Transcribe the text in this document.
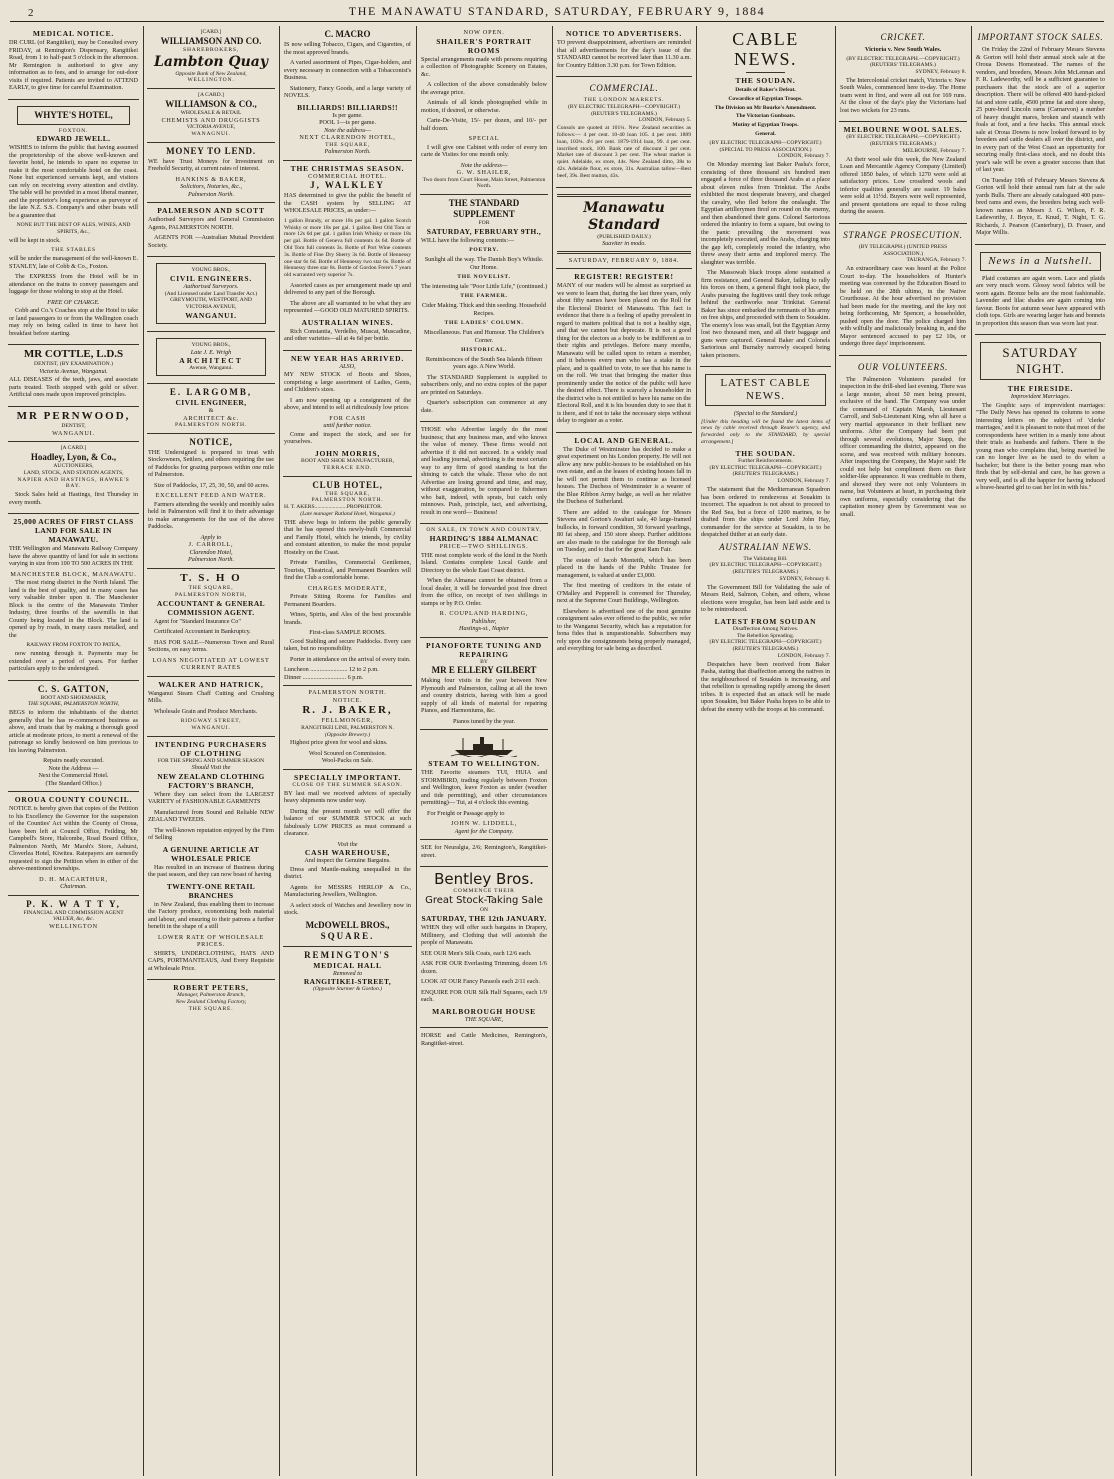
2	THE MANAWATU STANDARD, SATURDAY, FEBRUARY 9, 1884
MEDICAL NOTICE.

DR CURL (of Rangitikei), may be Consulted every FRIDAY, at Remington's Dispensary, Rangitikei Road, from 1 to half-past 5 o'clock in the afternoon. Mr Remington is authorised to give any information as to fees, and to arrange for out-door visits if required. Patients are invited to ATTEND EARLY, to give time for careful Examination.

WHYTE'S HOTEL,
FOXTON.
EDWARD JEWELL.

WISHES to inform the public that having assumed the proprietorship of the above well-known and favorite hotel, he intends to spare no expense to make it the most comfortable hotel on the coast. None but experienced servants kept, and visitors can rely on receiving every attention and civility. The table will be provided in a most liberal manner, and the proprietor's long experience as purveyor of the late N.Z. S.S. Company's and other boats will be a guarantee that

NONE BUT THE BEST OF ALES, WINES, AND SPIRITS, &c.,

will be kept in stock.

THE STABLES

will be under the management of the well-known E. STANLEY, late of Cobb & Co., Foxton.

The EXPRESS from the Hotel will be in attendance on the trains to convey passengers and luggage for those wishing to stop at the Hotel.

FREE OF CHARGE.

Cobb and Co.'s Coaches stop at the Hotel to take or land passengers to or from the Wellington coach may rely on being called in time to have hot breakfast before starting.

MR COTTLE, L.D.S
DENTIST, (BY EXAMINATION.)
Victoria Avenue, Wanganui.

ALL DISEASES of the teeth, jaws, and associate parts treated. Teeth stopped with gold or silver. Artificial ones made upon improved principles.

MR PERNWOOD,
DENTIST,
WANGANUI.
[A CARD.]
Hoadley, Lyon, & Co.,
AUCTIONEERS,
LAND, STOCK, AND STATION AGENTS,
NAPIER AND HASTINGS, HAWKE'S BAY.

Stock Sales held at Hastings, first Thursday in every month.

25,000 ACRES OF FIRST CLASS LAND FOR SALE IN MANAWATU.

THE Wellington and Manawatu Railway Company have the above quantity of land for sale in sections varying in size from 100 TO 500 ACRES IN THE

MANCHESTER BLOCK, MANAWATU.

The most rising district in the North Island. The land is the best of quality, and in many cases has very valuable timber upon it. The Manchester Block is the centre of the Manawatu Timber Industry, three fourths of the sawmills in that County being located in the Block. The land is opened up by roads, in many cases metalled, and the

RAILWAY FROM FOXTON TO PATEA,

now running through it. Payments may be extended over a period of years. For further particulars apply to the undersigned.

C. S. GATTON,
BOOT AND SHOEMAKER,
THE SQUARE, PALMERSTON NORTH,

BEGS to inform the inhabitants of the district generally that he has re-commenced business as above, and trusts that by making a thorough good article at moderate prices, to merit a renewal of the patronage so kindly bestowed on him previous to his leaving Palmerston.

Repairs neatly executed.
Note the Address —
Next the Commercial Hotel.
(The Standard Office.)
OROUA COUNTY COUNCIL.

NOTICE is hereby given that copies of the Petition to his Excellency the Governor for the suspension of the Counties' Act within the County of Oroua, have been left at Council Office, Feilding, Mr Campbell's Store, Halcombe, Road Board Office, Palmerston North, Mr Marsh's Store, Ashurst, Cloverlea Hotel, Kiwitea. Ratepayers are earnestly requested to sign the Petition when in either of the above-mentioned townships.

D. H. MACARTHUR,
Chairman.
P. K. W A T T Y,
FINANCIAL AND COMMISSION AGENT
VALUER, &c, &c.
WELLINGTON
[CARD.]
WILLIAMSON AND CO.
SHAREBROKERS,
Lambton Quay
Opposite Bank of New Zealand,
WELLINGTON.
[A CARD.]
WILLIAMSON & CO.,
WHOLESALE & RETAIL
CHEMISTS AND DRUGGISTS
VICTORIA AVENUE,
WANAGNUI.
MONEY TO LEND.

WE have Trust Moneys for Investment on Freehold Security, at current rates of interest.

HANKINS & BAKER,
Solicitors, Notaries, &c.,
Palmerston North.
PALMERSON AND SCOTT

Authorised Surveyors and General Commission Agents, PALMERSTON NORTH.

AGENTS FOR —Australian Mutual Provident Society.

YOUNG BROS.,
CIVIL ENGINEERS.
Authorised Surveyors.
(And Licensed under Land Transfer Act.)
GREYMOUTH, WESTPORT, AND VICTORIA AVENUE,
WANGANUI.
YOUNG BROS.,
Late J. E. Wrigh
ARCHITECT
Avenue, Wanganui.
E. LARGOMB,
CIVIL ENGINEER,
&
ARCHITECT &c.
PALMERSTON NORTH.
NOTICE,

THE Undersigned is prepared to treat with Stockowners, Settlers, and others requiring the use of Paddocks for grazing purposes within one mile of Palmerston.

Size of Paddocks, 17, 25, 30, 50, and 60 acres.

EXCELLENT FEED AND WATER.

Farmers attending the weekly and monthly sales held in Palmerston will find it to their advantage to make arrangements for the use of the above Paddocks.

Apply to
J. CARROLL,
Clarendon Hotel,
Palmerston North.
T. S. H O
THE SQUARE,
PALMERSTON NORTH,
ACCOUNTANT & GENERAL COMMISSION AGENT.

Agent for "Standard Insurance Co"

Certificated Accountant in Bankruptcy.

HAS FOR SALE—Numerous Town and Rural Sections, on easy terms.

LOANS NEGOTIATED AT LOWEST CURRENT RATES
WALKER AND HATRICK,

Wanganui Steam Chaff Cutting and Crushing Mills.

Wholesale Grain and Produce Merchants.

RIDGWAY STREET,
WANGANUI.
INTENDING PURCHASERS OF CLOTHING
FOR THE SPRING AND SUMMER SEASON
Should Visit the
NEW ZEALAND CLOTHING FACTORY'S BRANCH,

Where they can select from the LARGEST VARIETY of FASHIONABLE GARMENTS

Manufactured from Sound and Reliable NEW ZEALAND TWEEDS.

The well-known reputation enjoyed by the Firm of Selling

A GENUINE ARTICLE AT WHOLESALE PRICE

Has resulted in an increase of Business during the past season, and they can now boast of having

TWENTY-ONE RETAIL BRANCHES

in New Zealand, thus enabling them to increase the Factory produce, economising both material and labour, and ensuring to their patrons a further benefit in the shape of a still

LOWER RATE OF WHOLESALE PRICES.

SHIRTS, UNDERCLOTHING, HATS AND CAPS, PORTMANTEAUS, And Every Requisite at Wholesale Price.

ROBERT PETERS,
Manager, Palmerston Branch,
New Zealand Clothing Factory,
THE SQUARE.
C. MACRO

IS now selling Tobacco, Cigars, and Cigarettes, of the most approved brands.

A varied assortment of Pipes, Cigar-holders, and every necessary in connection with a Tobacconist's Business.

Stationery, Fancy Goods, and a large variety of NOVELS.

BILLIARDS! BILLIARDS!!
Is per game.
POOL 1—is per game.
Note the address—
NEXT CLARENDON HOTEL,
THE SQUARE,
Palmerston North.
THE CHRISTMAS SEASON.
COMMERCIAL HOTEL.
J, WALKLEY

HAS determined to give the public the benefit of the CASH system by SELLING AT WHOLESALE PRICES, as under:—

1 gallon Brandy, or more 18s per gal. 1 gallon Scotch Whisky or more 18s per gal. 1 gallon Best Old Tom or more 12s 6d per gal. 1 gallon Irish Whisky or more 18s per gal. Bottle of Geneva full contents 4s 6d. Bottle of Old Tom full contents 3s. Bottle of Port Wine contents 3s. Bottle of Fine Dry Sherry 3s 6d. Bottle of Hennessy one star 6s 6d. Bottle of Hennessy two star 6s. Bottle of Hennessy three star 8s. Bottle of Gordon Frere's 7 years old warranted very superior 7s.

Assorted cases as per arrangement made up and delivered to any part of the Borough.

The above are all warranted to be what they are represented —GOOD OLD MATURED SPIRITS.

AUSTRALIAN WINES.

Rich Constantia, Verdelho, Muscat, Muscadine, and other varieties—all at 4s 6d per bottle.

NEW YEAR HAS ARRIVED.
ALSO,

MY NEW STOCK of Boots and Shoes, comprising a large assortment of Ladies, Gents, and Children's sizes.

I am now opening up a consignment of the above, and intend to sell at ridiculously low prices

FOR CASH
until further notice.

Come and inspect the stock, and see for yourselves.

JOHN MORRIS,
BOOT AND SHOE MANUFACTURER,
TERRACE END.
CLUB HOTEL,
THE SQUARE,
PALMERSTON NORTH.
H. T. AKERS.......................PROPRIETOR.
(Late manager Rutland Hotel, Wanganui.)

THE above begs to inform the public generally that he has opened this newly-built Commercial and Family Hotel, which he intends, by civility and constant attention, to make the most popular Hostelry on the Coast.

Private Families, Commercial Gentlemen, Tourists, Theatrical, and Permanent Boarders will find the Club a comfortable home.

CHARGES MODERATE,

Private Sitting Rooms for Families and Permanent Boarders.

Wines, Spirits, and Ales of the best procurable brands.

First-class SAMPLE ROOMS.

Good Stabling and secure Paddocks. Every care taken, but no responsibility.

Porter in attendance on the arrival of every train.

Luncheon ........................ 12 to 2 p.m.
Dinner ............................ 6 p.m.
PALMERSTON NORTH.
NOTICE.
R. J. BAKER,
FELLMONGER,
RANGITIKEI LINE, PALMERSTON N.
(Opposite Brewery.)

Highest price given for wool and skins.

Wool Scoured on Commission.
Wool-Packs on Sale.
SPECIALLY IMPORTANT.
CLOSE OF THE SUMMER SEASON.

BY last mail we received advices of specially heavy shipments now under way.

During the present month we will offer the balance of our SUMMER STOCK at such fabulously LOW PRICES as must command a clearance.

Visit the
CASH WAREHOUSE,
And inspect the Genuine Bargains.

Dress and Mantle-making unequalled in the district.

Agents for MESSRS HERLOP & Co., Manufacturing Jewellers, Wellington.

A select stock of Watches and Jewellery now in stock.

McDOWELL BROS.,
SQUARE.
REMINGTON'S
MEDICAL HALL
Removed to
RANGITIKEI-STREET,
(Opposite Sturmer & Gordon.)
NOW OPEN.
SHAILER'S PORTRAIT ROOMS

Special arrangements made with persons requiring a collection of Photographic Scenery on Estates, &c.

A collection of the above considerably below the average price.

Animals of all kinds photographed while in motion, if desired, or otherwise.

Carte-De-Visite, 15/- per dozen, and 10/- per half dozen.

SPECIAL

I will give one Cabinet with order of every ten carte de Visites for one month only.

Note the address—
G. W. SHAILER,
Two doors from Court House, Main Street, Palmerston North.
THE STANDARD SUPPLEMENT
FOR
SATURDAY, FEBRUARY 9TH.,

WILL have the following contents:—

POETRY.

Sunlight all the way. The Danish Boy's Whistle. Our Home.

THE NOVELIST.

The interesting tale "Poor Little Life," (continued.)

THE FARMER.

Cider Making. Thick and thin seeding. Household Recipes.

THE LADIES' COLUMN.

Miscellaneous. Fun and Humour. The Children's Corner.

HISTORICAL.

Reminiscences of the South Sea Islands fifteen years ago. A New World.

The STANDARD Supplement is supplied to subscribers only, and no extra copies of the paper are printed on Saturdays.

Quarter's subscription can commence at any date.

THOSE who Advertise largely do the most business; that any business man, and who knows the value of money. These firms would not advertise if it did not succeed. In a widely read and leading journal, advertising is the most certain way to any firm of good standing is but the shining to catch the whale. Those who do not Advertise are losing ground and time, and may, without exaggeration, be compared to fishermen who bait, indeed, with sprats, but catch only minnows. Push, principle, tact, and advertising, result in one word— Business!

ON SALE, IN TOWN AND COUNTRY,
HARDING'S 1884 ALMANAC
PRICE—TWO SHILLINGS.

THE most complete work of the kind in the North Island. Contains complete Local Guide and Directory to the whole East Coast district.

When the Almanac cannot be obtained from a local dealer, it will be forwarded post free direct from the office, on receipt of two shillings in stamps or by P.O. Order.

R. COUPLAND HARDING,
Publisher,
Hastings-st., Napier
PIANOFORTE TUNING AND REPAIRING
BY
MR E ELLERY GILBERT

Making four visits in the year between New Plymouth and Palmerston, calling at all the town and country districts, having with him a good supply of all kinds of material for repairing Pianos, and Harmoniums, &c.

Pianos tuned by the year.
STEAM TO WELLINGTON.

THE Favorite steamers TUI, HUIA and STORMBIRD, trading regularly between Foxton and Wellington, leave Foxton as under (weather and tide permitting), and other circumstances permitting)— Tui, at 4 o'clock this evening.

For Freight or Passage apply to

JOHN W. LIDDELL,
Agent for the Company.

SEE for Neuralgia, 2/6; Remington's, Rangitikei-street.

Bentley Bros.
COMMENCE THEIR
Great Stock-Taking Sale
ON
SATURDAY, THE 12th JANUARY.

WHEN they will offer such bargains in Drapery, Millinery, and Clothing that will astonish the people of Manawatu.

SEE OUR Men's Silk Coats, each 12/6 each.

ASK FOR OUR Everlasting Trimming, dozen 1/6 dozen.

LOOK AT OUR Fancy Parasols each 2/11 each.

ENQUIRE FOR OUR Silk Half Squares, each 1/9 each.

MARLBOROUGH HOUSE
THE SQUARE,

HORSE and Cattle Medicines, Remington's, Rangitikei-street.

NOTICE TO ADVERTISERS.

TO prevent disappointment, advertisers are reminded that all advertisements for the day's issue of the STANDARD cannot be received later than 11.30 a.m. for Country Edition 3.30 p.m. for Town Edition.

COMMERCIAL.
THE LONDON MARKETS.
(BY ELECTRIC TELEGRAPH—COPYRIGHT.) (REUTER'S TELEGRAMS.)
LONDON, February 5.

Consols are quoted at 101¼. New Zealand securities as follows:— 4 per cent. 10-40 loan 105. 4 per cent. 1889 loan, 103¾. 4½ per cent. 1879-1914 loan, 99. 4 per cent. inscribed stock, 100. Bank rate of discount 3 per cent. Market rate of discount 3 per cent. The wheat market is quiet. Adelaide, ex store, 44s. New Zealand ditto, 38s to 42s. Adelaide flour, ex store, 31s. Australian tallow—Best beef, 39s. Best mutton, 43s.

Manawatu Standard
(PUBLISHED DAILY.)
Suaviter in modo.
SATURDAY, FEBRUARY 9, 1884.
REGISTER! REGISTER!

MANY of our readers will be almost as surprised as we were to learn that, during the last three years, only about fifty names have been placed on the Roll for the Electoral District of Manawatu. This fact is evidence that there is a feeling of apathy prevalent in regard to matters political that is not a healthy sign, and that we cannot but deprecate. It is not a good thing for the electors as a body to be indifferent as to their rights and privileges. Before many months, Manawatu will be called upon to return a member, and it behoves every man who has a stake in the place, and is qualified to vote, to see that his name is on the roll. We trust that bringing the matter thus prominently under the notice of the public will have the desired effect. There is scarcely a householder in the district who is not entitled to have his name on the Electoral Roll, and it is his bounden duty to see that it is there, and if not to take the necessary steps without delay to register as a voter.

LOCAL AND GENERAL.

The Duke of Westminster has decided to make a great experiment on his London property. He will not allow any new public-houses to be established on his own estate, and as the leases of existing houses fall in he will not permit them to continue as licensed houses. The Duchess of Westminster is a wearer of the Blue Ribbon Army badge, as well as her relative the Duchess of Sutherland.

There are added to the catalogue for Messrs Stevens and Gorton's Awahuri sale, 40 large-framed bullocks, in forward condition, 30 forward yearlings, 80 fat sheep, and 150 store sheep. Further additions are also made to the catalogue for the Borough sale on Tuesday, and to that for the great Ram Fair.

The estate of Jacob Monteith, which has been placed in the hands of the Public Trustee for management, is valued at under £3,000.

The first meeting of creditors in the estate of O'Malley and Pepperell is convened for Thursday, next at the Supreme Court Buildings, Wellington.

Elsewhere is advertised one of the most genuine consignment sales ever offered to the public, we refer to the Wanganui Security, which has a reputation for bona fides that is unquestionable. Subscribers may rely upon the consignments being properly managed, and everything for sale being as described.

CABLE NEWS.
THE SOUDAN.
Details of Baker's Defeat.
Cowardice of Egyptian Troops.
The Division on Mr Bourke's Amendment.
The Victorian Gunboats.
Mutiny of Egyptian Troops.
General.
(BY ELECTRIC TELEGRAPH—COPYRIGHT.) (SPECIAL TO PRESS ASSOCIATION.)
LONDON, February 7.

On Monday morning last Baker Pasha's force, consisting of three thousand six hundred men engaged a force of three thousand Arabs at a place about eleven miles from Trinkitat. The Arabs exhibited the most desperate bravery, and charged the cavalry, who fled before the onslaught. The Egyptian artillerymen fired on round on the enemy, and then abandoned their guns. Colonel Sartorious ordered the infantry to form a square, but owing to the panic prevailing the movement was incompletely executed, and the Arabs, charging into the gap left, completely routed the infantry, who threw away their arms and implored mercy. The slaughter was terrible.

The Massowah black troops alone sustained a firm resistance, and General Baker, failing to rally his forces on them, a general flight took place, the Arabs pursuing the fugitives until they took refuge behind the earthworks near Trinkitat. General Baker has since embarked the remnants of his army on free ships, and proceeded with them to Souakim. The enemy's loss was small, but the Egyptian Army lost two thousand men, and all their baggage and guns were captured. General Baker and Colonels Sartorious and Burnaby narrowly escaped being taken prisoners.

LATEST CABLE NEWS.
(Special to the Standard.)

[Under this heading will be found the latest items of news by cable received through Reuter's agency, and forwarded only to the STANDARD, by special arrangement.]

THE SOUDAN.
Further Reinforcements.
(BY ELECTRIC TELEGRAPH—COPYRIGHT.) (REUTER'S TELEGRAMS.)
LONDON, February 7.

The statement that the Mediterranean Squadron has been ordered to rendezvous at Souakim is incorrect. The squadron is not about to proceed to the Red Sea, but a force of 1200 marines, to be drafted from the ships under Lord John Hay, commander for the service at Souakim, is to be despatched thither at an early date.

AUSTRALIAN NEWS.
The Validating Bill.
(BY ELECTRIC TELEGRAPH—COPYRIGHT.) (REUTER'S TELEGRAMS.)
SYDNEY, February 8.

The Government Bill for Validating the sale of Messrs Reid, Salmon, Cohen, and others, whose elections were irregular, has been laid aside and is to be reintroduced.

LATEST FROM SOUDAN
Disaffection Among Natives.
The Rebellion Spreading.
(BY ELECTRIC TELEGRAPH—COPYRIGHT.) (REUTER'S TELEGRAMS.)
LONDON, February 7.

Despatches have been received from Baker Pasha, stating that disaffection among the natives in the neighbourhood of Souakim is increasing, and that rebellion is spreading rapidly among the desert tribes. It is expected that an attack will be made upon Souakim, but Baker Pasha hopes to be able to defeat the enemy with the troops at his command.

CRICKET.
Victoria v. New South Wales.
(BY ELECTRIC TELEGRAPH.—COPYRIGHT.) (REUTERS' TELEGRAMS.)
SYDNEY, February 8.

The Intercolonial cricket match, Victoria v. New South Wales, commenced here to-day. The Home team went in first, and were all out for 169 runs. At the close of the day's play the Victorians had lost two wickets for 23 runs.

MELBOURNE WOOL SALES.
(BY ELECTRIC TELEGRAPH.—COPYRIGHT.) (REUTER'S TELEGRAMS.)
MELBOURNE, February 7.

At their wool sale this week, the New Zealand Loan and Mercantile Agency Company (Limited) offered 1850 bales, of which 1270 were sold at satisfactory prices. Low crossbred wools and inferior qualities generally are easier. 19 bales were sold at 11½d. Buyers were well represented, and present quotations are equal to those ruling during the season.

STRANGE PROSECUTION.
(BY TELEGRAPH.) (UNITED PRESS ASSOCIATION.)
TAURANGA, February 7.

An extraordinary case was heard at the Police Court to-day. The householders of Hunter's meeting was convened by the Education Board to be held on the 28th ultimo, in the Native Courthouse. At the hour advertised no provision had been made for the meeting, and the key not being forthcoming, Mr Spencer, a householder, pushed open the door. The police charged him with wilfully and maliciously breaking in, and the Mayor sentenced accused to pay £2 10s, or undergo three days' imprisonment.

OUR VOLUNTEERS.

The Palmerston Volunteers paraded for inspection in the drill-shed last evening. There was a large muster, about 50 men being present, exclusive of the band. The Company was under the command of Captain Marsh, Lieutenant Carroll, and Sub-Lieutenant King, who all have a very martial appearance in their brilliant new uniforms. After the Company had been put through several evolutions, Major Stapp, the officer commanding the district, appeared on the scene, and was received with military honours. After inspecting the Company, the Major said: He could not help but compliment them on their soldier-like appearance. It was creditable to them, and showed they were not only Volunteers in name, but Volunteers at heart, in purchasing their own uniforms, especially considering that the capitation money given by Government was so small.

IMPORTANT STOCK SALES.

On Friday the 22nd of February Messrs Stevens & Gorton will hold their annual stock sale at the Oroua Downs Homestead. The names of the vendors, and breeders, Messrs John McLennan and F. R. Ladeworthy, will be a sufficient guarantee to purchasers that the stock are of a superior description. There will be offered 400 hand-picked fat and store cattle, 4500 prime fat and store sheep, 25 pure-bred Lincoln rams (Carnarvon) a number of heavy draught mares, broken and staunch with foals at foot, and a few hacks. This annual stock sale at Oroua Downs is now looked forward to by breeders and cattle dealers all over the district, and in every part of the West Coast an opportunity for securing really first-class stock, and no doubt this year's sale will be even a greater success than that of last year.

On Tuesday 19th of February Messrs Stevens & Gorton will hold their annual ram fair at the sale yards Bulls. There are already catalogued 400 pure-bred rams and ewes, the breeders being such well-known names as Messrs J. G. Wilson, F. R. Ladeworthy, J. Bryce, E. Knud, T. Night, T. G. Richards, J. Pearson (Canterbury), D. Fraser, and Major Willis.

News in a Nutshell.

Plaid costumes are again worn. Lace and plaids are very much worn. Glossy wool fabrics will be worn again. Bronze belts are the most fashionable. Lavender and lilac shades are again coming into favour. Boots for autumn wear have appeared with cloth tops. Girls are wearing larger hats and bonnets in proportion this season than was worn last year.

SATURDAY NIGHT.
THE FIRESIDE.
Improvident Marriages.

The Graphic says of improvident marriages: "The Daily News has opened its columns to some interesting letters on the subject of 'clerks' marriages,' and it is pleasant to note that most of the correspondents have written in a manly tone about their trials as husbands and fathers. There is the young man who complains that, being married he can no longer live as he used to do when a bachelor; but there is the better young man who finds that by self-denial and care, he has grown a very well, and is all the happier for having induced a brave-hearted girl to cast her lot in with his."
